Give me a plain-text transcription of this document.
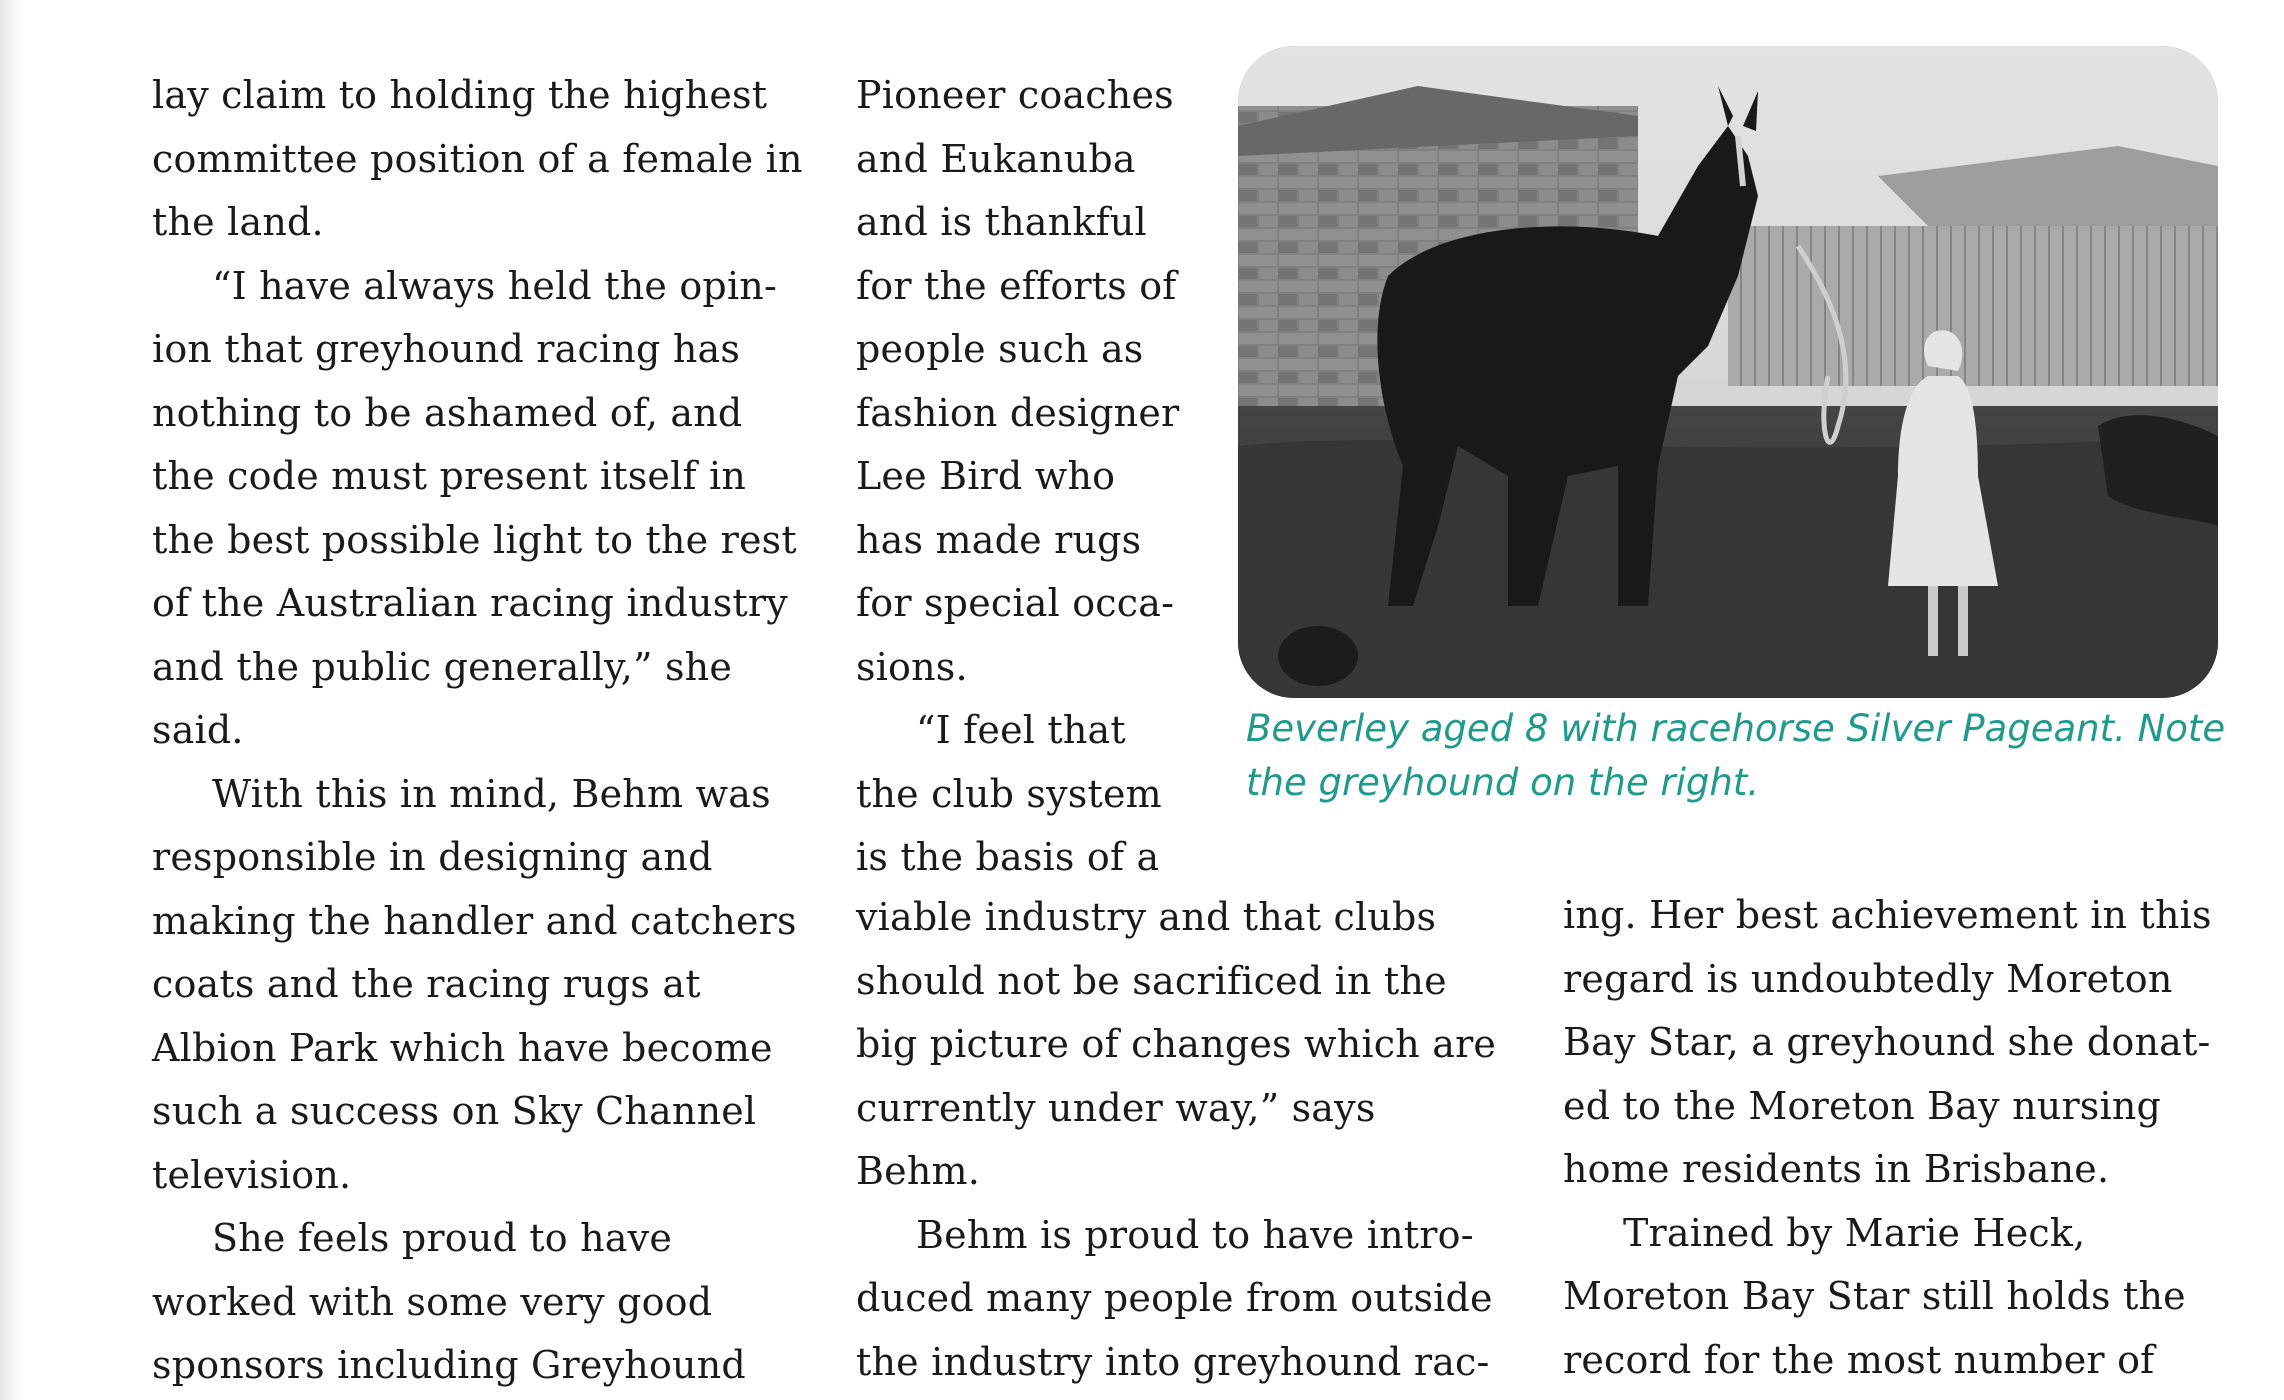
lay claim to holding the highest
committee position of a female in
the land.
“I have always held the opin-
ion that greyhound racing has
nothing to be ashamed of, and
the code must present itself in
the best possible light to the rest
of the Australian racing industry
and the public generally,” she
said.
With this in mind, Behm was
responsible in designing and
making the handler and catchers
coats and the racing rugs at
Albion Park which have become
such a success on Sky Channel
television.
She feels proud to have
worked with some very good
sponsors including Greyhound
Pioneer coaches
and Eukanuba
and is thankful
for the efforts of
people such as
fashion designer
Lee Bird who
has made rugs
for special occa-
sions.
“I feel that
the club system
is the basis of a
viable industry and that clubs
should not be sacrificed in the
big picture of changes which are
currently under way,” says
Behm.
Behm is proud to have intro-
duced many people from outside
the industry into greyhound rac-
ing. Her best achievement in this
regard is undoubtedly Moreton
Bay Star, a greyhound she donat-
ed to the Moreton Bay nursing
home residents in Brisbane.
Trained by Marie Heck,
Moreton Bay Star still holds the
record for the most number of
Beverley aged 8 with racehorse Silver Pageant. Note
the greyhound on the right.
